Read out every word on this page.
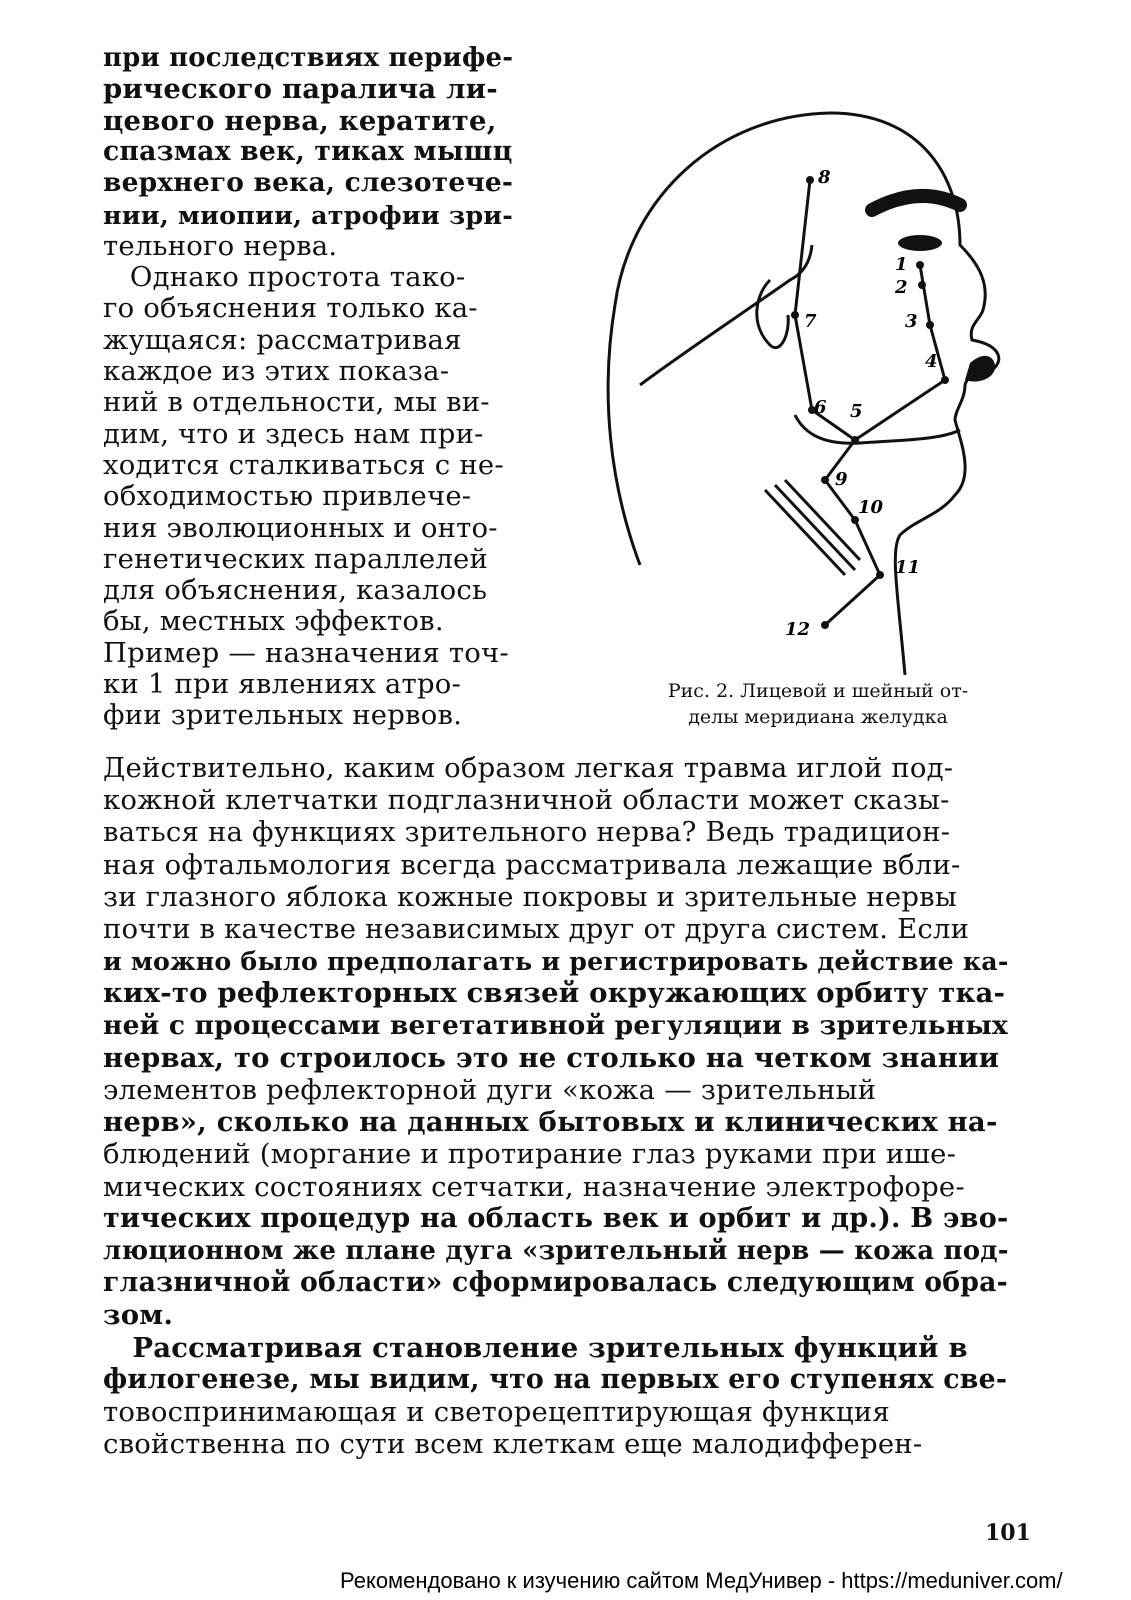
при последствиях перифе-
рического паралича ли-
цевого нерва, кератите,
спазмах век, тиках мышц
верхнего века, слезотече-
нии, миопии, атрофии зри-
тельного нерва.
Однако простота тако-
го объяснения только ка-
жущаяся: рассматривая
каждое из этих показа-
ний в отдельности, мы ви-
дим, что и здесь нам при-
ходится сталкиваться с не-
обходимостью привлече-
ния эволюционных и онто-
генетических параллелей
для объяснения, казалось
бы, местных эффектов.
Пример — назначения точ-
ки 1 при явлениях атро-
фии зрительных нервов.
Действительно, каким образом легкая травма иглой под-
кожной клетчатки подглазничной области может сказы-
ваться на функциях зрительного нерва? Ведь традицион-
ная офтальмология всегда рассматривала лежащие вбли-
зи глазного яблока кожные покровы и зрительные нервы
почти в качестве независимых друг от друга систем. Если
и можно было предполагать и регистрировать действие ка-
ких-то рефлекторных связей окружающих орбиту тка-
ней с процессами вегетативной регуляции в зрительных
нервах, то строилось это не столько на четком знании
элементов рефлекторной дуги «кожа — зрительный
нерв», сколько на данных бытовых и клинических на-
блюдений (моргание и протирание глаз руками при ише-
мических состояниях сетчатки, назначение электрофоре-
тических процедур на область век и орбит и др.). В эво-
люционном же плане дуга «зрительный нерв — кожа под-
глазничной области» сформировалась следующим обра-
зом.
Рассматривая становление зрительных функций в
филогенезе, мы видим, что на первых его ступенях све-
товоспринимающая и светорецептирующая функция
свойственна по сути всем клеткам еще малодифферен-
8
7
6 5
9
10
11
12
4
3
2
1
Рис. 2. Лицевой и шейный от-
делы меридиана желудка
101
Рекомендовано к изучению сайтом МедУнивер - https://meduniver.com/
